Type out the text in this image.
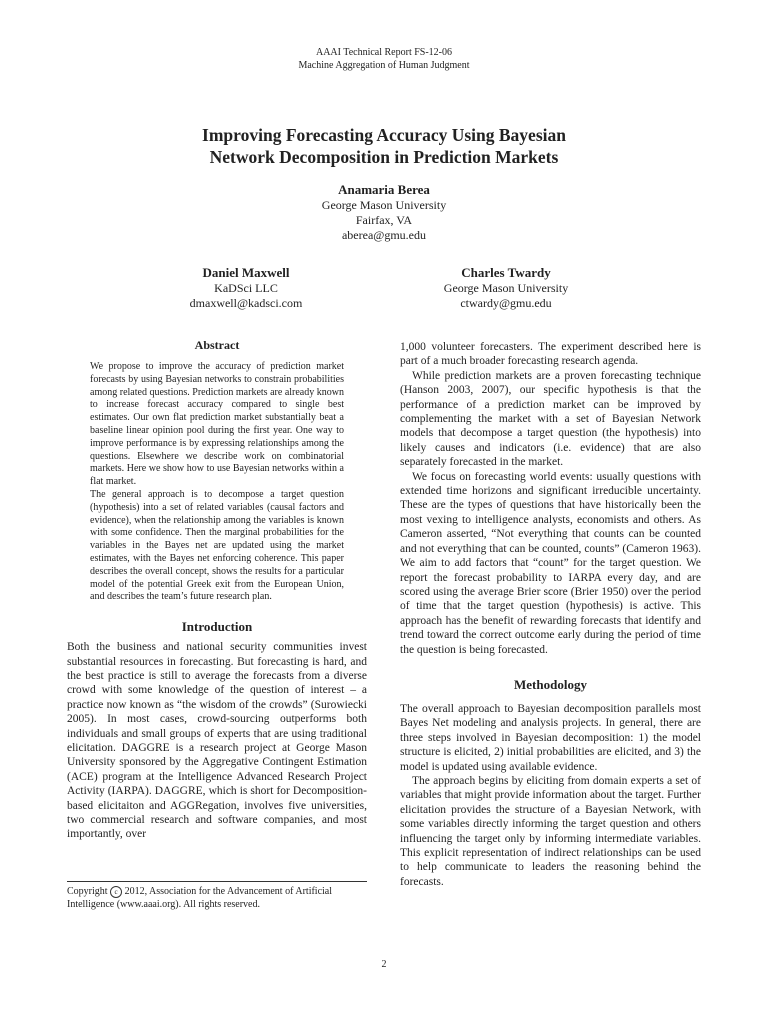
AAAI Technical Report FS-12-06
Machine Aggregation of Human Judgment
Improving Forecasting Accuracy Using Bayesian
Network Decomposition in Prediction Markets
Anamaria Berea
George Mason University
Fairfax, VA
aberea@gmu.edu
Daniel Maxwell
KaDSci LLC
dmaxwell@kadsci.com
Charles Twardy
George Mason University
ctwardy@gmu.edu
Abstract

We propose to improve the accuracy of prediction market forecasts by using Bayesian networks to constrain probabilities among related questions. Prediction markets are already known to increase forecast accuracy compared to single best estimates. Our own flat prediction market substantially beat a baseline linear opinion pool during the first year. One way to improve performance is by expressing relationships among the questions. Elsewhere we describe work on combinatorial markets. Here we show how to use Bayesian networks within a flat market.

The general approach is to decompose a target question (hypothesis) into a set of related variables (causal factors and evidence), when the relationship among the variables is known with some confidence. Then the marginal probabilities for the variables in the Bayes net are updated using the market estimates, with the Bayes net enforcing coherence. This paper describes the overall concept, shows the results for a particular model of the potential Greek exit from the European Union, and describes the team’s future research plan.

Introduction

Both the business and national security communities invest substantial resources in forecasting. But forecasting is hard, and the best practice is still to average the forecasts from a diverse crowd with some knowledge of the question of interest – a practice now known as “the wisdom of the crowds” (Surowiecki 2005). In most cases, crowd-sourcing outperforms both individuals and small groups of experts that are using traditional elicitation. DAGGRE is a research project at George Mason University sponsored by the Aggregative Contingent Estimation (ACE) program at the Intelligence Advanced Research Project Activity (IARPA). DAGGRE, which is short for Decomposition-based elicitaiton and AGGRegation, involves five universities, two commercial research and software companies, and most importantly, over

1,000 volunteer forecasters. The experiment described here is part of a much broader forecasting research agenda.

While prediction markets are a proven forecasting technique (Hanson 2003, 2007), our specific hypothesis is that the performance of a prediction market can be improved by complementing the market with a set of Bayesian Network models that decompose a target question (the hypothesis) into likely causes and indicators (i.e. evidence) that are also separately forecasted in the market.

We focus on forecasting world events: usually questions with extended time horizons and significant irreducible uncertainty. These are the types of questions that have historically been the most vexing to intelligence analysts, economists and others. As Cameron asserted, “Not everything that counts can be counted and not everything that can be counted, counts” (Cameron 1963). We aim to add factors that “count” for the target question. We report the forecast probability to IARPA every day, and are scored using the average Brier score (Brier 1950) over the period of time that the target question (hypothesis) is active. This approach has the benefit of rewarding forecasts that identify and trend toward the correct outcome early during the period of time the question is being forecasted.

Methodology

The overall approach to Bayesian decomposition parallels most Bayes Net modeling and analysis projects. In general, there are three steps involved in Bayesian decomposition: 1) the model structure is elicited, 2) initial probabilities are elicited, and 3) the model is updated using available evidence.

The approach begins by eliciting from domain experts a set of variables that might provide information about the target. Further elicitation provides the structure of a Bayesian Network, with some variables directly informing the target question and others influencing the target only by informing intermediate variables. This explicit representation of indirect relationships can be used to help communicate to leaders the reasoning behind the forecasts.

Copyright c 2012, Association for the Advancement of Artificial Intelligence (www.aaai.org). All rights reserved.
2
